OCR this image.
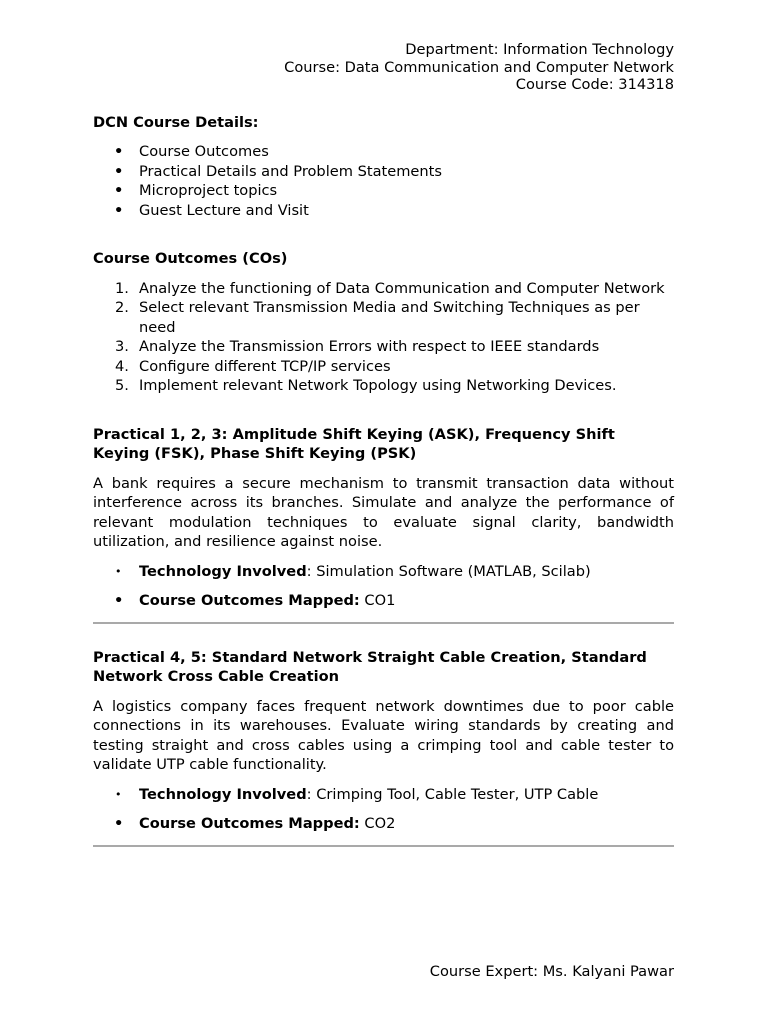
Department: Information Technology
Course: Data Communication and Computer Network
Course Code: 314318
DCN Course Details:
• Course Outcomes
• Practical Details and Problem Statements
• Microproject topics
• Guest Lecture and Visit
Course Outcomes (COs)
1. Analyze the functioning of Data Communication and Computer Network
2. Select relevant Transmission Media and Switching Techniques as per need
3. Analyze the Transmission Errors with respect to IEEE standards
4. Configure different TCP/IP services
5. Implement relevant Network Topology using Networking Devices.
Practical 1, 2, 3: Amplitude Shift Keying (ASK), Frequency Shift Keying (FSK), Phase Shift Keying (PSK)

A bank requires a secure mechanism to transmit transaction data without interference across its branches. Simulate and analyze the performance of relevant modulation techniques to evaluate signal clarity, bandwidth utilization, and resilience against noise.

• Technology Involved: Simulation Software (MATLAB, Scilab)
• Course Outcomes Mapped: CO1
Practical 4, 5: Standard Network Straight Cable Creation, Standard Network Cross Cable Creation

A logistics company faces frequent network downtimes due to poor cable connections in its warehouses. Evaluate wiring standards by creating and testing straight and cross cables using a crimping tool and cable tester to validate UTP cable functionality.

• Technology Involved: Crimping Tool, Cable Tester, UTP Cable
• Course Outcomes Mapped: CO2
Course Expert: Ms. Kalyani Pawar
